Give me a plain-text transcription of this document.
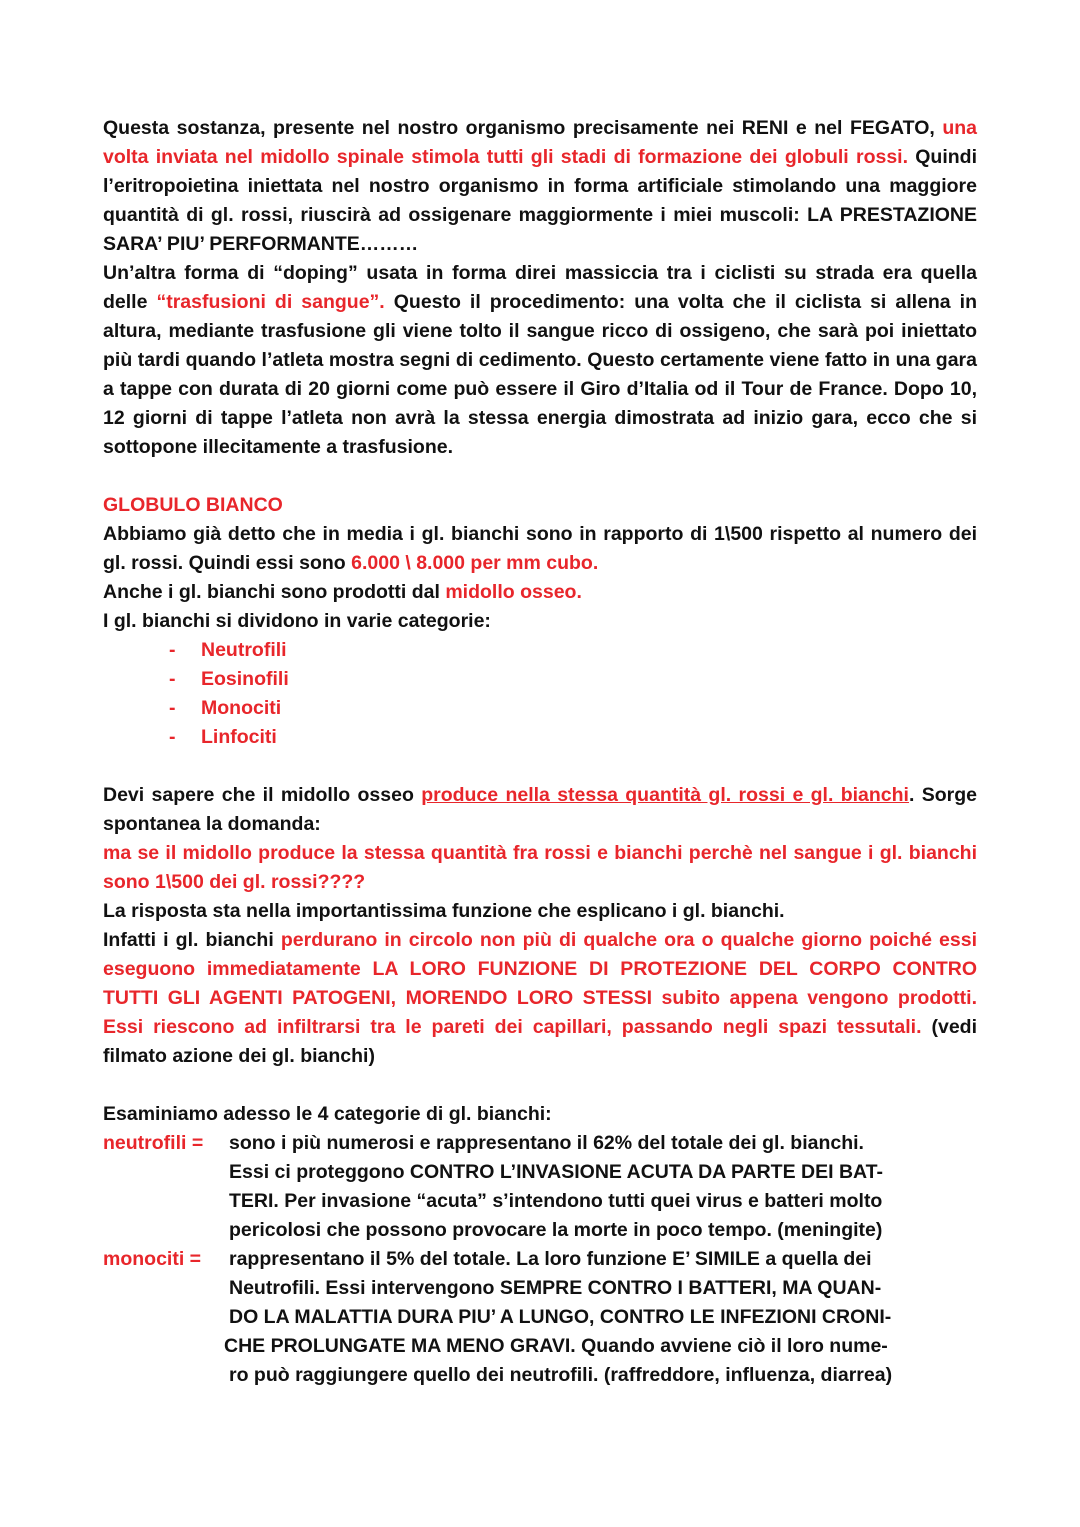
Questa sostanza, presente nel nostro organismo precisamente nei RENI e nel FEGATO, una volta inviata nel midollo spinale stimola tutti gli stadi di formazione dei globuli rossi. Quindi l’eritropoietina iniettata nel nostro organismo in forma artificiale stimolando una maggiore quantità di gl. rossi, riuscirà ad ossigenare maggiormente i miei muscoli: LA PRESTAZIONE SARA’ PIU’ PERFORMANTE………

Un’altra forma di “doping” usata in forma direi massiccia tra i ciclisti su strada era quella delle “trasfusioni di sangue”. Questo il procedimento: una volta che il ciclista si allena in altura, mediante trasfusione gli viene tolto il sangue ricco di ossigeno, che sarà poi iniettato più tardi quando l’atleta mostra segni di cedimento. Questo certamente viene fatto in una gara a tappe con durata di 20 giorni come può essere il Giro d’Italia od il Tour de France. Dopo 10, 12 giorni di tappe l’atleta non avrà la stessa energia dimostrata ad inizio gara, ecco che si sottopone illecitamente a trasfusione.

GLOBULO BIANCO

Abbiamo già detto che in media i gl. bianchi sono in rapporto di 1\500 rispetto al numero dei gl. rossi. Quindi essi sono 6.000 \ 8.000 per mm cubo.

Anche i gl. bianchi sono prodotti dal midollo osseo.

I gl. bianchi si dividono in varie categorie:

- Neutrofili
- Eosinofili
- Monociti
- Linfociti

Devi sapere che il midollo osseo produce nella stessa quantità gl. rossi e gl. bianchi. Sorge spontanea la domanda:

ma se il midollo produce la stessa quantità fra rossi e bianchi perchè nel sangue i gl. bianchi sono 1\500 dei gl. rossi????

La risposta sta nella importantissima funzione che esplicano i gl. bianchi.

Infatti i gl. bianchi perdurano in circolo non più di qualche ora o qualche giorno poiché essi eseguono immediatamente LA LORO FUNZIONE DI PROTEZIONE DEL CORPO CONTRO TUTTI GLI AGENTI PATOGENI, MORENDO LORO STESSI subito appena vengono prodotti. Essi riescono ad infiltrarsi tra le pareti dei capillari, passando negli spazi tessutali. (vedi filmato azione dei gl. bianchi)

Esaminiamo adesso le 4 categorie di gl. bianchi:

neutrofili =	sono i più numerosi e rappresentano il 62% del totale dei gl. bianchi.
Essi ci proteggono CONTRO L’INVASIONE ACUTA DA PARTE DEI BAT-
TERI. Per invasione “acuta” s’intendono tutti quei virus e batteri molto
pericolosi che possono provocare la morte in poco tempo. (meningite)
monociti =	rappresentano il 5% del totale. La loro funzione E’ SIMILE a quella dei
Neutrofili. Essi intervengono SEMPRE CONTRO I BATTERI, MA QUAN-
DO LA MALATTIA DURA PIU’ A LUNGO, CONTRO LE INFEZIONI CRONI-
CHE PROLUNGATE MA MENO GRAVI. Quando avviene ciò il loro nume-
ro può raggiungere quello dei neutrofili. (raffreddore, influenza, diarrea)
